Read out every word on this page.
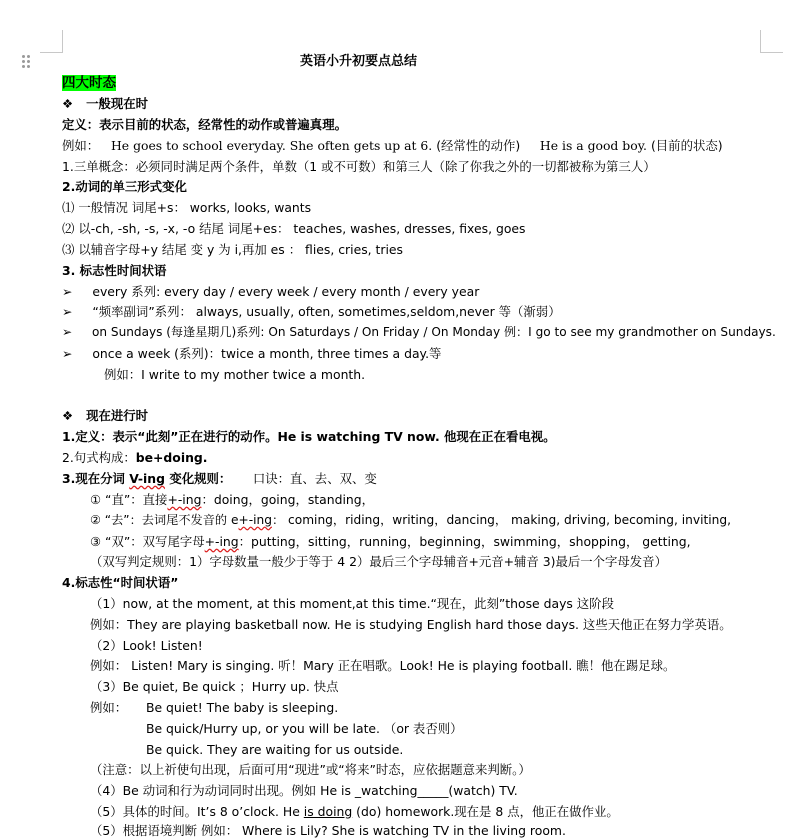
英语小升初要点总结
四大时态
❖ 一般现在时
定义：表示目前的状态，经常性的动作或普遍真理。
例如： He goes to school everyday. She often gets up at 6. (经常性的动作) He is a good boy. (目前的状态)
1.三单概念：必须同时满足两个条件，单数（1 或不可数）和第三人（除了你我之外的一切都被称为第三人）
2.动词的单三形式变化
⑴ 一般情况 词尾+s： works, looks, wants
⑵ 以-ch, -sh, -s, -x, -o 结尾 词尾+es： teaches, washes, dresses, fixes, goes
⑶ 以辅音字母+y 结尾 变 y 为 i,再加 es ： flies, cries, tries
3. 标志性时间状语
➢ every 系列: every day / every week / every month / every year
➢ “频率副词”系列： always, usually, often, sometimes,seldom,never 等（渐弱）
➢ on Sundays (每逢星期几)系列: On Saturdays / On Friday / On Monday 例：I go to see my grandmother on Sundays.
➢ once a week (系列)：twice a month, three times a day.等
例如：I write to my mother twice a month.
❖ 现在进行时
1.定义：表示“此刻”正在进行的动作。He is watching TV now. 他现在正在看电视。
2.句式构成：be+doing.
3.现在分词 V-ing 变化规则： 口诀：直、去、双、变
① “直”：直接+-ing：doing，going，standing，
② “去”：去词尾不发音的 e+-ing： coming，riding，writing，dancing， making, driving, becoming, inviting,
③ “双”：双写尾字母+-ing：putting，sitting，running，beginning，swimming，shopping， getting,
（双写判定规则：1）字母数量一般少于等于 4 2）最后三个字母辅音+元音+辅音 3)最后一个字母发音）
4.标志性“时间状语”
（1）now, at the moment, at this moment,at this time.“现在，此刻”those days 这阶段
例如：They are playing basketball now. He is studying English hard those days. 这些天他正在努力学英语。
（2）Look! Listen!
例如： Listen! Mary is singing. 听！Mary 正在唱歌。Look! He is playing football. 瞧！他在踢足球。
（3）Be quiet, Be quick ；Hurry up. 快点
例如： Be quiet! The baby is sleeping.
Be quick/Hurry up, or you will be late. （or 表否则）
Be quick. They are waiting for us outside.
（注意：以上祈使句出现，后面可用“现进”或“将来”时态，应依据题意来判断。）
（4）Be 动词和行为动词同时出现。例如 He is _watching_____(watch) TV.
（5）具体的时间。It’s 8 o’clock. He is doing (do) homework.现在是 8 点，他正在做作业。
（5）根据语境判断 例如： Where is Lily? She is watching TV in the living room.
